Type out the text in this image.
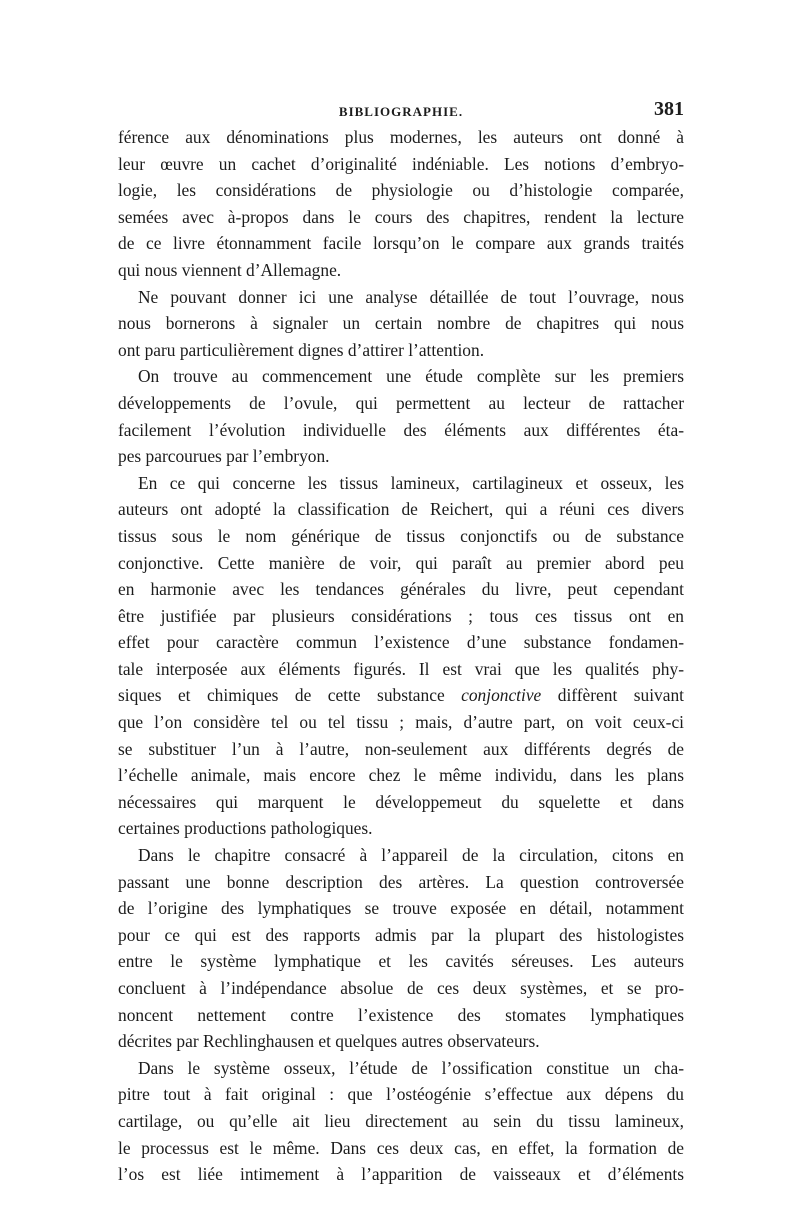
BIBLIOGRAPHIE.	381
férence aux dénominations plus modernes, les auteurs ont donné à
leur œuvre un cachet d’originalité indéniable. Les notions d’embryo-
logie, les considérations de physiologie ou d’histologie comparée,
semées avec à-propos dans le cours des chapitres, rendent la lecture
de ce livre étonnamment facile lorsqu’on le compare aux grands traités
qui nous viennent d’Allemagne.
Ne pouvant donner ici une analyse détaillée de tout l’ouvrage, nous
nous bornerons à signaler un certain nombre de chapitres qui nous
ont paru particulièrement dignes d’attirer l’attention.
On trouve au commencement une étude complète sur les premiers
développements de l’ovule, qui permettent au lecteur de rattacher
facilement l’évolution individuelle des éléments aux différentes éta-
pes parcourues par l’embryon.
En ce qui concerne les tissus lamineux, cartilagineux et osseux, les
auteurs ont adopté la classification de Reichert, qui a réuni ces divers
tissus sous le nom générique de tissus conjonctifs ou de substance
conjonctive. Cette manière de voir, qui paraît au premier abord peu
en harmonie avec les tendances générales du livre, peut cependant
être justifiée par plusieurs considérations ; tous ces tissus ont en
effet pour caractère commun l’existence d’une substance fondamen-
tale interposée aux éléments figurés. Il est vrai que les qualités phy-
siques et chimiques de cette substance conjonctive diffèrent suivant
que l’on considère tel ou tel tissu ; mais, d’autre part, on voit ceux-ci
se substituer l’un à l’autre, non-seulement aux différents degrés de
l’échelle animale, mais encore chez le même individu, dans les plans
nécessaires qui marquent le développemeut du squelette et dans
certaines productions pathologiques.
Dans le chapitre consacré à l’appareil de la circulation, citons en
passant une bonne description des artères. La question controversée
de l’origine des lymphatiques se trouve exposée en détail, notamment
pour ce qui est des rapports admis par la plupart des histologistes
entre le système lymphatique et les cavités séreuses. Les auteurs
concluent à l’indépendance absolue de ces deux systèmes, et se pro-
noncent nettement contre l’existence des stomates lymphatiques
décrites par Rechlinghausen et quelques autres observateurs.
Dans le système osseux, l’étude de l’ossification constitue un cha-
pitre tout à fait original : que l’ostéogénie s’effectue aux dépens du
cartilage, ou qu’elle ait lieu directement au sein du tissu lamineux,
le processus est le même. Dans ces deux cas, en effet, la formation de
l’os est liée intimement à l’apparition de vaisseaux et d’éléments
